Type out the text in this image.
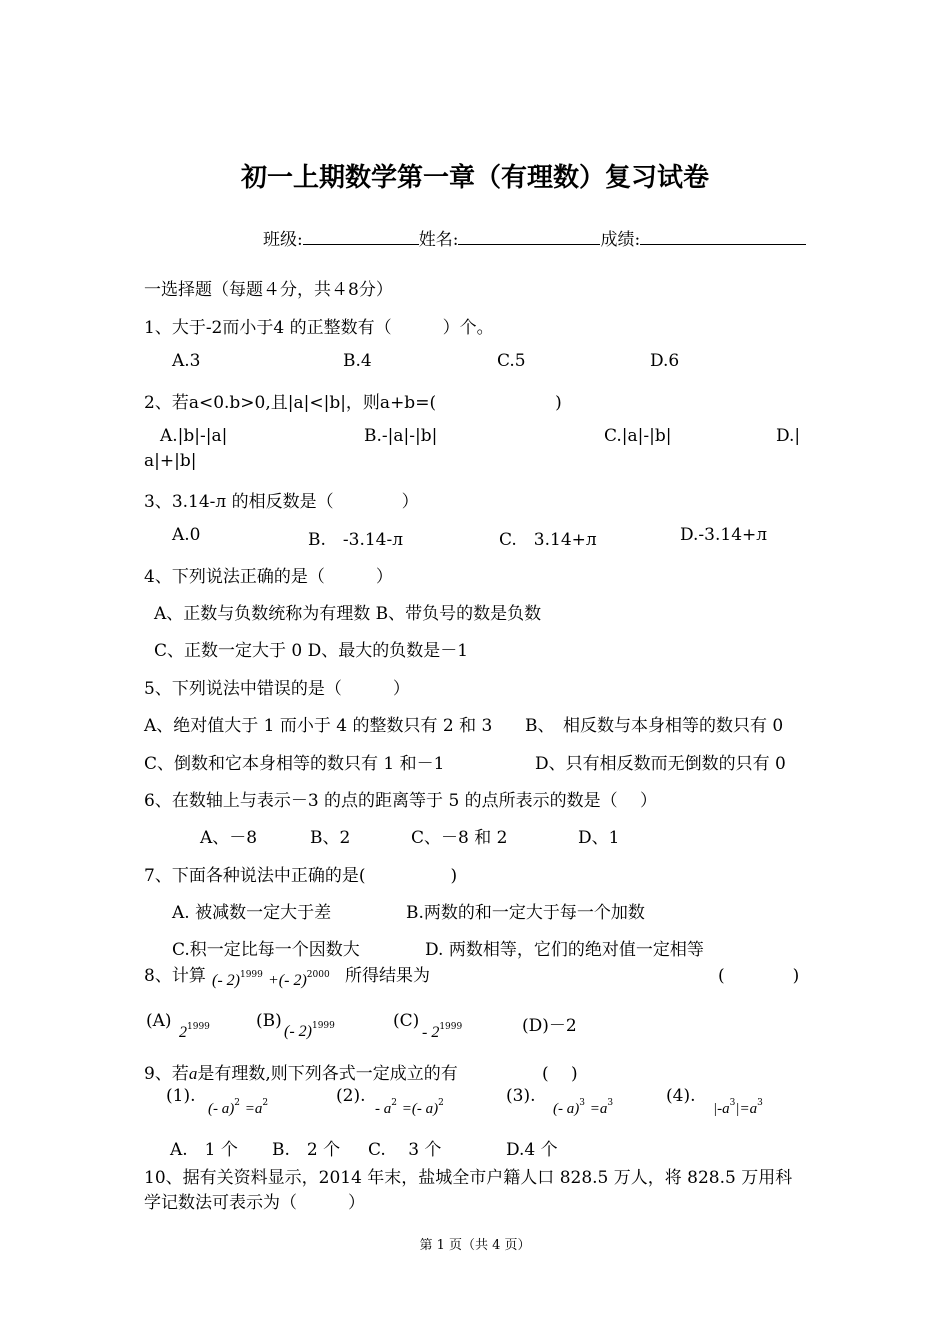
初一上期数学第一章（有理数）复习试卷
班级:	姓名:	成绩:
一选择题（每题４分，共４8分）
1、大于-2而小于4 的正整数有（　　　）个。
A.3	B.4	C.5	D.6
2、若a<0.b>0,且|a|<|b|，则a+b=(　　　　　　　)
A.|b|-|a|	B.-|a|-|b|	C.|a|-|b|	D.|
a|+|b|
3、3.14-л 的相反数是（　　　　）
A.0	B.　-3.14-л	C.　3.14+л	D.-3.14+л
4、下列说法正确的是（　　　）
A、正数与负数统称为有理数 B、带负号的数是负数
C、正数一定大于 0 D、最大的负数是－1
5、下列说法中错误的是（　　　）
A、绝对值大于 1 而小于 4 的整数只有 2 和 3 B、　相反数与本身相等的数只有 0
C、倒数和它本身相等的数只有 1 和－1	D、只有相反数而无倒数的只有 0
6、在数轴上与表示－3 的点的距离等于 5 的点所表示的数是（　 ）
A、－8	B、2	C、－8 和 2	D、1
7、下面各种说法中正确的是(　　　　　)
A. 被减数一定大于差	B.两数的和一定大于每一个加数
C.积一定比每一个因数大	D. 两数相等，它们的绝对值一定相等
8、计算 (- 2)$^{1999}$ +(- 2)$^{2000}$ 所得结果为	(　　　　)
(A)
$2^{1999}$	(B)
(- 2)$^{1999}$	(C)
- $2^{1999}$	(D)－2
9、若a是有理数,则下列各式一定成立的有	(　 )
(1).
(- $a)^2 =a^2$	(2).
- $a^2$ =(- a)$^2$	(3).
(- $a)^3 =a^3$	(4).
$|-a^3|=a^3$
A.　1 个 B.　2 个 C.　 3 个	D.4 个
10、据有关资料显示，2014 年末，盐城全市户籍人口 828.5 万人，将 828.5 万用科
学记数法可表示为（　　　）
第 1 页（共 4 页）
